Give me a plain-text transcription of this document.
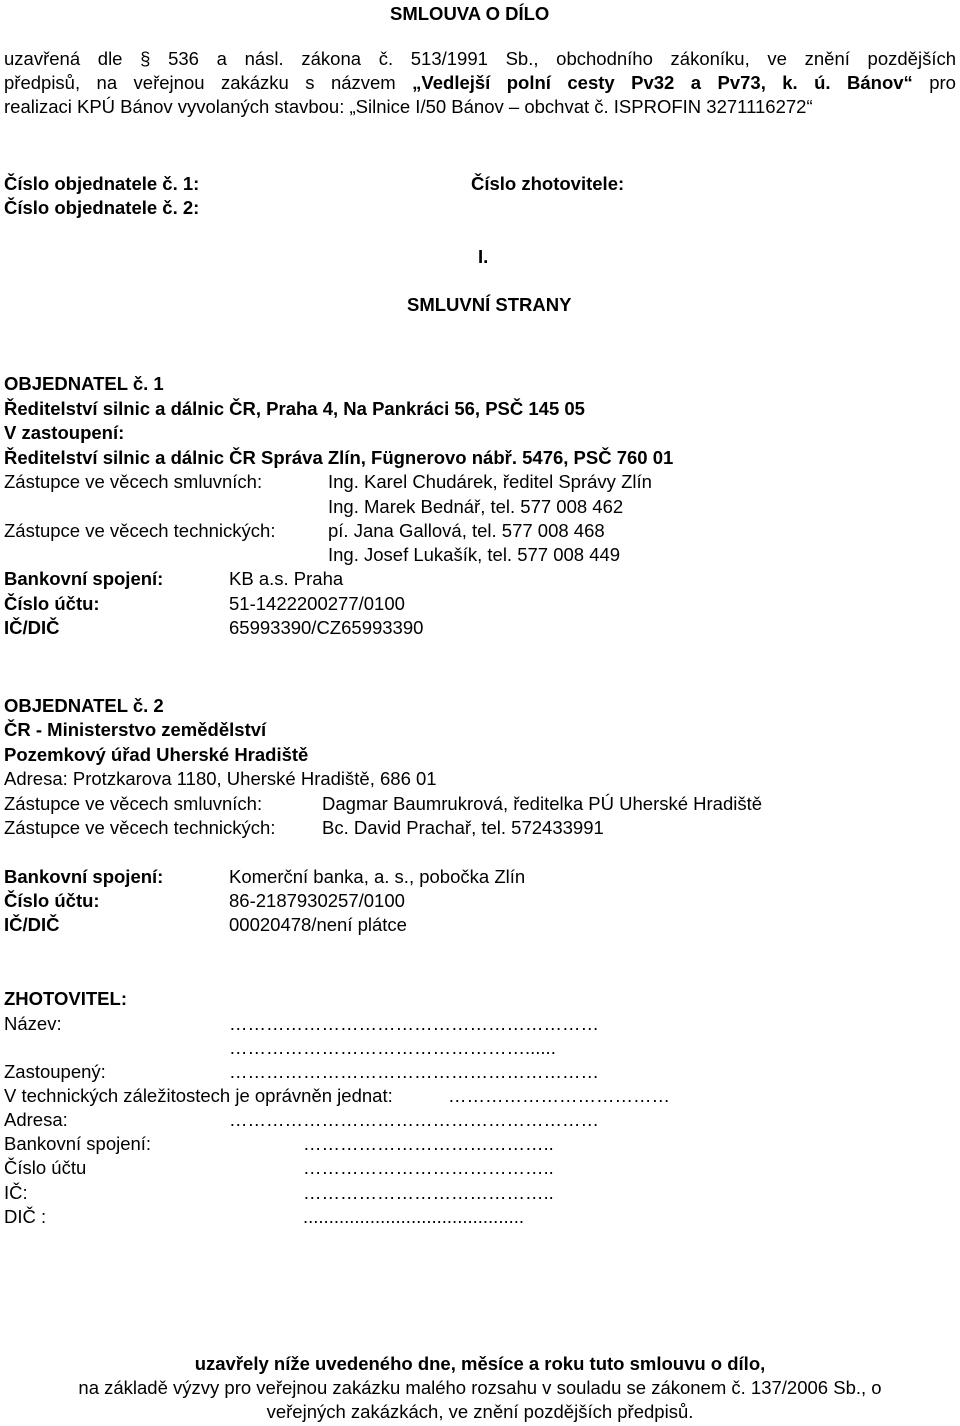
SMLOUVA O DÍLO
uzavřená dle § 536 a násl. zákona č. 513/1991 Sb., obchodního zákoníku, ve znění pozdějších
předpisů, na veřejnou zakázku s názvem „Vedlejší polní cesty Pv32 a Pv73, k. ú. Bánov“ pro
realizaci KPÚ Bánov vyvolaných stavbou: „Silnice I/50 Bánov – obchvat č. ISPROFIN 3271116272“
Číslo objednatele č. 1:
Číslo objednatele č. 2:
Číslo zhotovitele:
I.
SMLUVNÍ STRANY
OBJEDNATEL č. 1
Ředitelství silnic a dálnic ČR, Praha 4, Na Pankráci 56, PSČ 145 05
V zastoupení:
Ředitelství silnic a dálnic ČR Správa Zlín, Fügnerovo nábř. 5476, PSČ 760 01
Zástupce ve věcech smluvních:	Ing. Karel Chudárek, ředitel Správy Zlín
Ing. Marek Bednář, tel. 577 008 462
Zástupce ve věcech technických:	pí. Jana Gallová, tel. 577 008 468
Ing. Josef Lukašík, tel. 577 008 449
Bankovní spojení:	KB a.s. Praha
Číslo účtu:	51-1422200277/0100
IČ/DIČ	65993390/CZ65993390
OBJEDNATEL č. 2
ČR - Ministerstvo zemědělství
Pozemkový úřad Uherské Hradiště
Adresa: Protzkarova 1180, Uherské Hradiště, 686 01
Zástupce ve věcech smluvních:	Dagmar Baumrukrová, ředitelka PÚ Uherské Hradiště
Zástupce ve věcech technických:	Bc. David Prachař, tel. 572433991
Bankovní spojení:	Komerční banka, a. s., pobočka Zlín
Číslo účtu:	86-2187930257/0100
IČ/DIČ	00020478/není plátce
ZHOTOVITEL:
Název:	……………………………………………………
…………………………………………......
Zastoupený:	……………………………………………………
V technických záležitostech je oprávněn jednat:	………………………………
Adresa:	……………………………………………………
Bankovní spojení:	…………………………………..
Číslo účtu	…………………………………..
IČ:	…………………………………..
DIČ :	...........................................
uzavřely níže uvedeného dne, měsíce a roku tuto smlouvu o dílo,
na základě výzvy pro veřejnou zakázku malého rozsahu v souladu se zákonem č. 137/2006 Sb., o
veřejných zakázkách, ve znění pozdějších předpisů.
